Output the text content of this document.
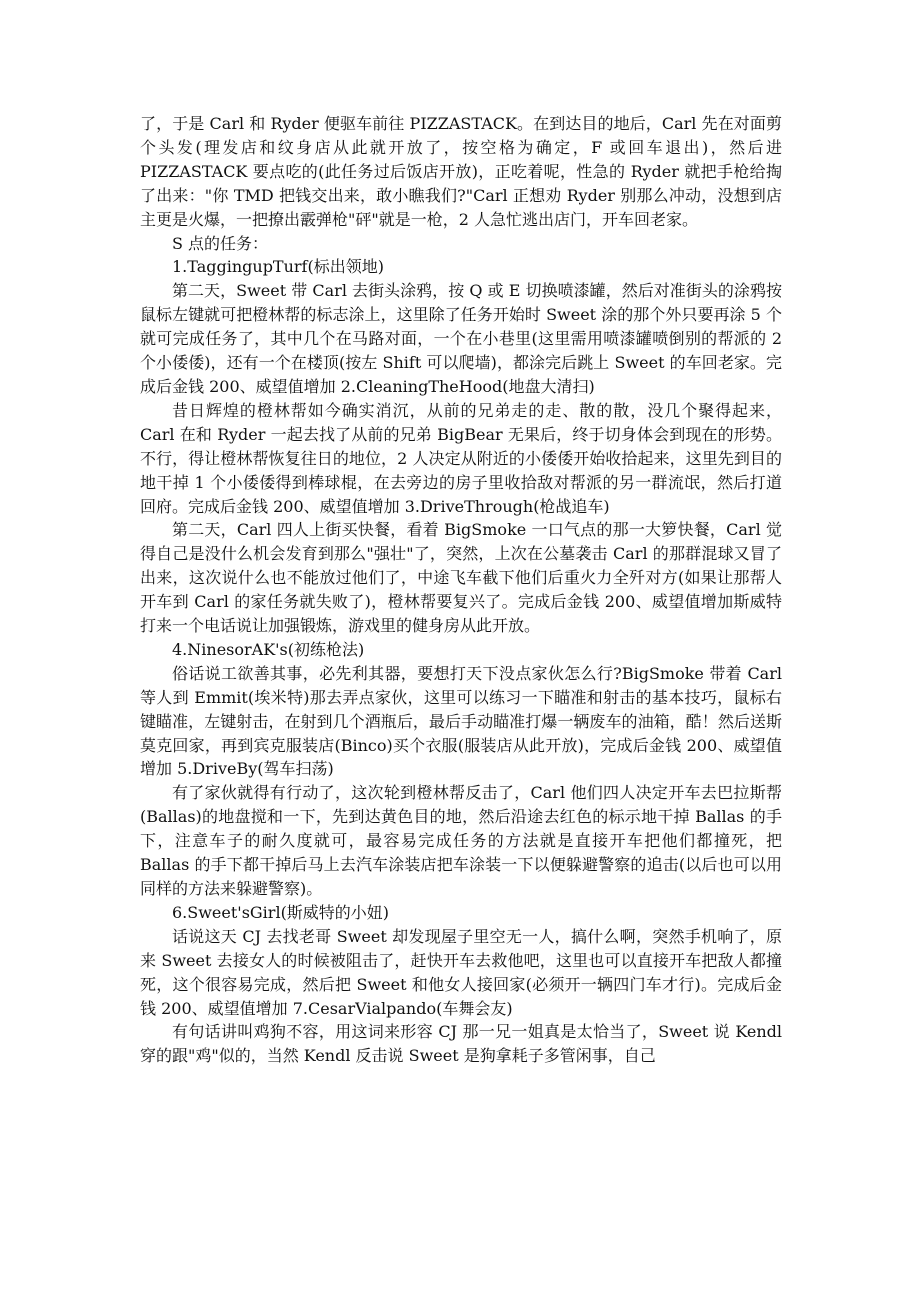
了，于是 Carl 和 Ryder 便驱车前往 PIZZASTACK。在到达目的地后，Carl 先在对面剪个头发(理发店和纹身店从此就开放了，按空格为确定，F 或回车退出)，然后进 PIZZASTACK 要点吃的(此任务过后饭店开放)，正吃着呢，性急的 Ryder 就把手枪给掏了出来："你 TMD 把钱交出来，敢小瞧我们?"Carl 正想劝 Ryder 别那么冲动，没想到店主更是火爆，一把撩出霰弹枪"砰"就是一枪，2 人急忙逃出店门，开车回老家。

S 点的任务：

1.TaggingupTurf(标出领地)

第二天，Sweet 带 Carl 去街头涂鸦，按 Q 或 E 切换喷漆罐，然后对准街头的涂鸦按鼠标左键就可把橙林帮的标志涂上，这里除了任务开始时 Sweet 涂的那个外只要再涂 5 个就可完成任务了，其中几个在马路对面，一个在小巷里(这里需用喷漆罐喷倒别的帮派的 2 个小倭倭)，还有一个在楼顶(按左 Shift 可以爬墙)，都涂完后跳上 Sweet 的车回老家。完成后金钱 200、威望值增加 2.CleaningTheHood(地盘大清扫)

昔日辉煌的橙林帮如今确实消沉，从前的兄弟走的走、散的散，没几个聚得起来，Carl 在和 Ryder 一起去找了从前的兄弟 BigBear 无果后，终于切身体会到现在的形势。不行，得让橙林帮恢复往日的地位，2 人决定从附近的小倭倭开始收拾起来，这里先到目的地干掉 1 个小倭倭得到棒球棍，在去旁边的房子里收拾敌对帮派的另一群流氓，然后打道回府。完成后金钱 200、威望值增加 3.DriveThrough(枪战追车)

第二天，Carl 四人上街买快餐，看着 BigSmoke 一口气点的那一大箩快餐，Carl 觉得自己是没什么机会发育到那么"强壮"了，突然，上次在公墓袭击 Carl 的那群混球又冒了出来，这次说什么也不能放过他们了，中途飞车截下他们后重火力全歼对方(如果让那帮人开车到 Carl 的家任务就失败了)，橙林帮要复兴了。完成后金钱 200、威望值增加斯威特打来一个电话说让加强锻炼，游戏里的健身房从此开放。

4.NinesorAK's(初练枪法)

俗话说工欲善其事，必先利其器，要想打天下没点家伙怎么行?BigSmoke 带着 Carl 等人到 Emmit(埃米特)那去弄点家伙，这里可以练习一下瞄准和射击的基本技巧，鼠标右键瞄准，左键射击，在射到几个酒瓶后，最后手动瞄准打爆一辆废车的油箱，酷！然后送斯莫克回家，再到宾克服装店(Binco)买个衣服(服装店从此开放)，完成后金钱 200、威望值增加 5.DriveBy(驾车扫荡)

有了家伙就得有行动了，这次轮到橙林帮反击了，Carl 他们四人决定开车去巴拉斯帮(Ballas)的地盘搅和一下，先到达黄色目的地，然后沿途去红色的标示地干掉 Ballas 的手下，注意车子的耐久度就可，最容易完成任务的方法就是直接开车把他们都撞死，把 Ballas 的手下都干掉后马上去汽车涂装店把车涂装一下以便躲避警察的追击(以后也可以用同样的方法来躲避警察)。

6.Sweet'sGirl(斯威特的小妞)

话说这天 CJ 去找老哥 Sweet 却发现屋子里空无一人，搞什么啊，突然手机响了，原来 Sweet 去接女人的时候被阻击了，赶快开车去救他吧，这里也可以直接开车把敌人都撞死，这个很容易完成，然后把 Sweet 和他女人接回家(必须开一辆四门车才行)。完成后金钱 200、威望值增加 7.CesarVialpando(车舞会友)

有句话讲叫鸡狗不容，用这词来形容 CJ 那一兄一姐真是太恰当了，Sweet 说 Kendl 穿的跟"鸡"似的，当然 Kendl 反击说 Sweet 是狗拿耗子多管闲事，自己
